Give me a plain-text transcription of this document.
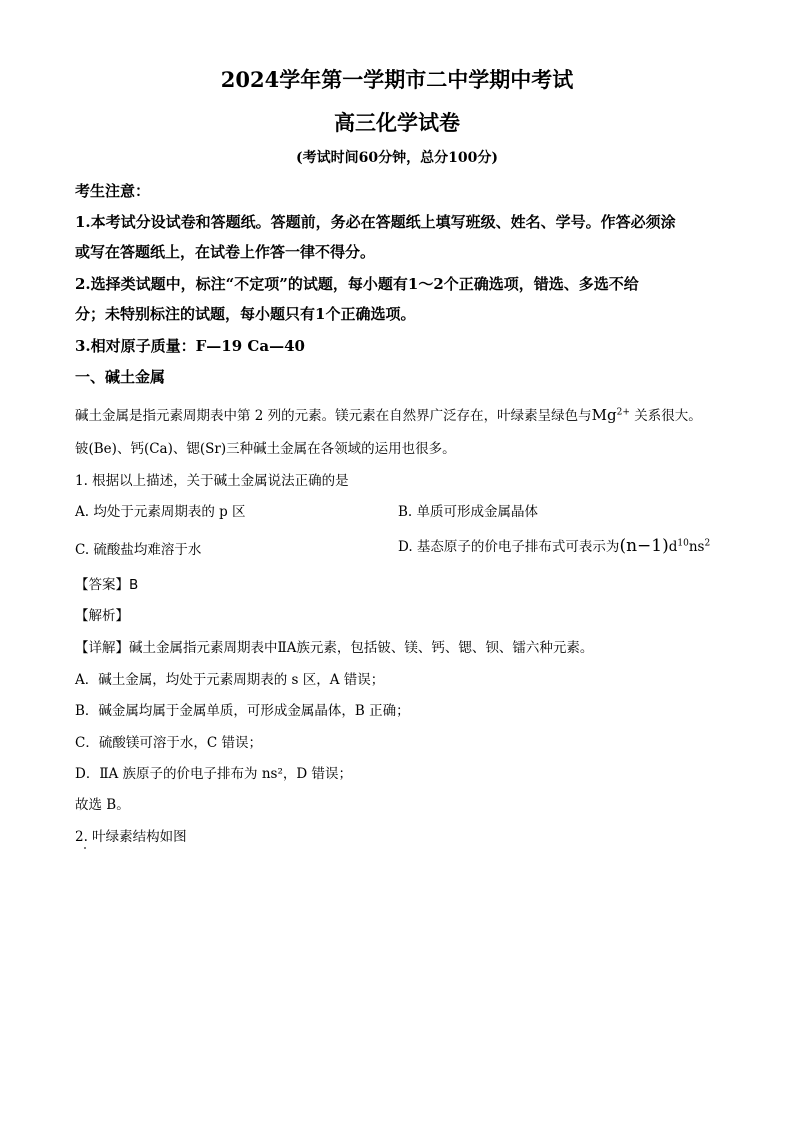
2024学年第一学期市二中学期中考试
高三化学试卷
(考试时间60分钟，总分100分)
考生注意：
1.本考试分设试卷和答题纸。答题前，务必在答题纸上填写班级、姓名、学号。作答必须涂
或写在答题纸上，在试卷上作答一律不得分。
2.选择类试题中，标注“不定项”的试题，每小题有1～2个正确选项，错选、多选不给
分；未特别标注的试题，每小题只有1个正确选项。
3.相对原子质量：F—19 Ca—40
一、碱土金属
碱土金属是指元素周期表中第 2 列的元素。镁元素在自然界广泛存在，叶绿素呈绿色与$Mg^{2+}$ 关系很大。
铍(Be)、钙(Ca)、锶(Sr)三种碱土金属在各领域的运用也很多。
1. 根据以上描述，关于碱土金属说法正确的是
A. 均处于元素周期表的 p 区	B. 单质可形成金属晶体
C. 硫酸盐均难溶于水	D. 基态原子的价电子排布式可表示为$(n-1)d^{10}ns^2$
【答案】B
【解析】
【详解】碱土金属指元素周期表中ⅡA族元素，包括铍、镁、钙、锶、钡、镭六种元素。
A．碱土金属，均处于元素周期表的 s 区，A 错误；
B．碱金属均属于金属单质，可形成金属晶体，B 正确；
C．硫酸镁可溶于水，C 错误；
D．ⅡA 族原子的价电子排布为 ns²，D 错误；
故选 B。
2. 叶绿素结构如图
